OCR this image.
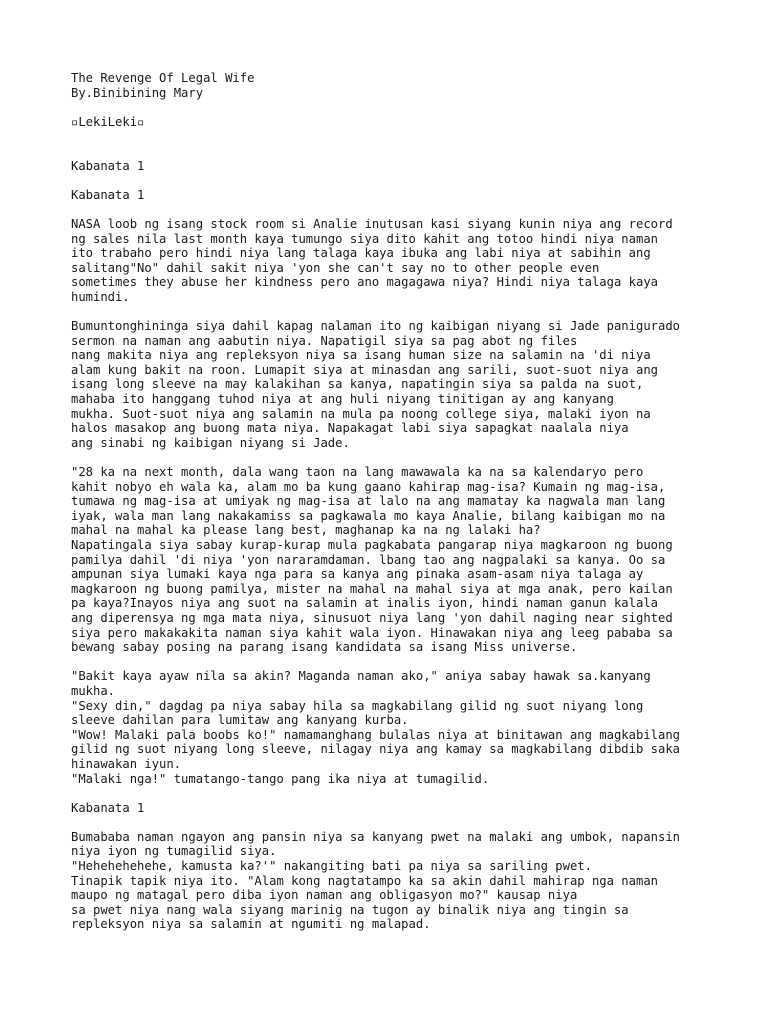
The Revenge Of Legal Wife
By.Binibining Mary
▫LekiLeki▫
Kabanata 1
Kabanata 1
NASA loob ng isang stock room si Analie inutusan kasi siyang kunin niya ang record
ng sales nila last month kaya tumungo siya dito kahit ang totoo hindi niya naman
ito trabaho pero hindi niya lang talaga kaya ibuka ang labi niya at sabihin ang
salitang"No" dahil sakit niya 'yon she can't say no to other people even
sometimes they abuse her kindness pero ano magagawa niya? Hindi niya talaga kaya
humindi.
Bumuntonghininga siya dahil kapag nalaman ito ng kaibigan niyang si Jade panigurado
sermon na naman ang aabutin niya. Napatigil siya sa pag abot ng files
nang makita niya ang repleksyon niya sa isang human size na salamin na 'di niya
alam kung bakit na roon. Lumapit siya at minasdan ang sarili, suot-suot niya ang
isang long sleeve na may kalakihan sa kanya, napatingin siya sa palda na suot,
mahaba ito hanggang tuhod niya at ang huli niyang tinitigan ay ang kanyang
mukha. Suot-suot niya ang salamin na mula pa noong college siya, malaki iyon na
halos masakop ang buong mata niya. Napakagat labi siya sapagkat naalala niya
ang sinabi ng kaibigan niyang si Jade.
"28 ka na next month, dala wang taon na lang mawawala ka na sa kalendaryo pero
kahit nobyo eh wala ka, alam mo ba kung gaano kahirap mag-isa? Kumain ng mag-isa,
tumawa ng mag-isa at umiyak ng mag-isa at lalo na ang mamatay ka nagwala man lang
iyak, wala man lang nakakamiss sa pagkawala mo kaya Analie, bilang kaibigan mo na
mahal na mahal ka please lang best, maghanap ka na ng lalaki ha?
Napatingala siya sabay kurap-kurap mula pagkabata pangarap niya magkaroon ng buong
pamilya dahil 'di niya 'yon nararamdaman. lbang tao ang nagpalaki sa kanya. Oo sa
ampunan siya lumaki kaya nga para sa kanya ang pinaka asam-asam niya talaga ay
magkaroon ng buong pamilya, mister na mahal na mahal siya at mga anak, pero kailan
pa kaya?Inayos niya ang suot na salamin at inalis iyon, hindi naman ganun kalala
ang diperensya ng mga mata niya, sinusuot niya lang 'yon dahil naging near sighted
siya pero makakakita naman siya kahit wala iyon. Hinawakan niya ang leeg pababa sa
bewang sabay posing na parang isang kandidata sa isang Miss universe.
"Bakit kaya ayaw nila sa akin? Maganda naman ako," aniya sabay hawak sa.kanyang
mukha.
"Sexy din," dagdag pa niya sabay hila sa magkabilang gilid ng suot niyang long
sleeve dahilan para lumitaw ang kanyang kurba.
"Wow! Malaki pala boobs ko!" namamanghang bulalas niya at binitawan ang magkabilang
gilid ng suot niyang long sleeve, nilagay niya ang kamay sa magkabilang dibdib saka
hinawakan iyun.
"Malaki nga!" tumatango-tango pang ika niya at tumagilid.
Kabanata 1
Bumababa naman ngayon ang pansin niya sa kanyang pwet na malaki ang umbok, napansin
niya iyon ng tumagilid siya.
"Hehehehehehe, kamusta ka?'" nakangiting bati pa niya sa sariling pwet.
Tinapik tapik niya ito. "Alam kong nagtatampo ka sa akin dahil mahirap nga naman
maupo ng matagal pero diba iyon naman ang obligasyon mo?" kausap niya
sa pwet niya nang wala siyang marinig na tugon ay binalik niya ang tingin sa
repleksyon niya sa salamin at ngumiti ng malapad.
